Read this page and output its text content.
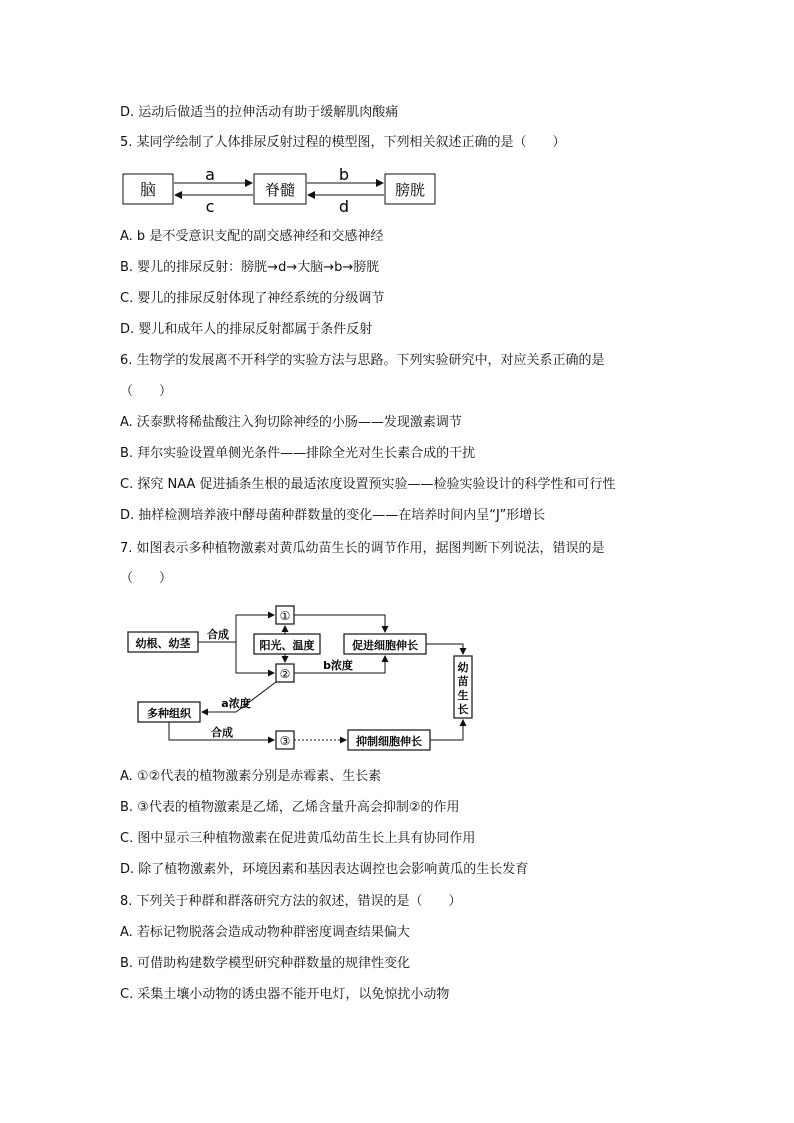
D. 运动后做适当的拉伸活动有助于缓解肌肉酸痛
5. 某同学绘制了人体排尿反射过程的模型图，下列相关叙述正确的是（　　）
A. b 是不受意识支配的副交感神经和交感神经
B. 婴儿的排尿反射：膀胱→d→大脑→b→膀胱
C. 婴儿的排尿反射体现了神经系统的分级调节
D. 婴儿和成年人的排尿反射都属于条件反射
6. 生物学的发展离不开科学的实验方法与思路。下列实验研究中，对应关系正确的是
（　　）
A. 沃泰默将稀盐酸注入狗切除神经的小肠——发现激素调节
B. 拜尔实验设置单侧光条件——排除全光对生长素合成的干扰
C. 探究 NAA 促进插条生根的最适浓度设置预实验——检验实验设计的科学性和可行性
D. 抽样检测培养液中酵母菌种群数量的变化——在培养时间内呈“J”形增长
7. 如图表示多种植物激素对黄瓜幼苗生长的调节作用，据图判断下列说法，错误的是
（　　）
A. ①②代表的植物激素分别是赤霉素、生长素
B. ③代表的植物激素是乙烯，乙烯含量升高会抑制②的作用
C. 图中显示三种植物激素在促进黄瓜幼苗生长上具有协同作用
D. 除了植物激素外，环境因素和基因表达调控也会影响黄瓜的生长发育
8. 下列关于种群和群落研究方法的叙述，错误的是（　　）
A. 若标记物脱落会造成动物种群密度调查结果偏大
B. 可借助构建数学模型研究种群数量的规律性变化
C. 采集土壤小动物的诱虫器不能开电灯，以免惊扰小动物
脑	脊髓	膀胱
a
c
b
d
幼根、幼茎
①
阳光、温度
②
促进细胞伸长
幼
苗
生
长
多种组织
③	抑制细胞伸长
合成
b浓度
a浓度
合成
